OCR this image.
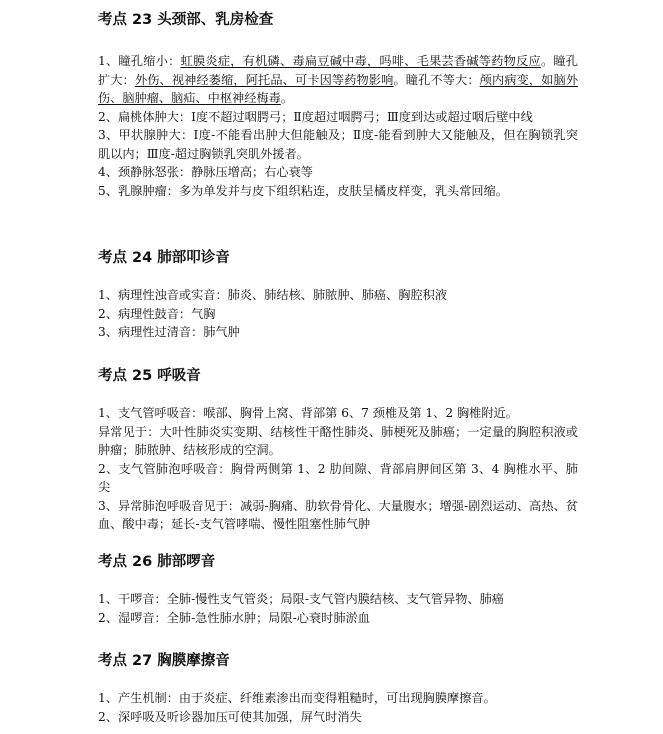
考点 23 头颈部、乳房检查

1、瞳孔缩小：虹膜炎症，有机磷、毒扁豆碱中毒，吗啡、毛果芸香碱等药物反应。瞳孔扩大：外伤、视神经萎缩，阿托品、可卡因等药物影响。瞳孔不等大：颅内病变，如脑外伤、脑肿瘤、脑疝、中枢神经梅毒。

2、扁桃体肿大：Ⅰ度不超过咽腭弓；Ⅱ度超过咽腭弓；Ⅲ度到达或超过咽后壁中线

3、甲状腺肿大：Ⅰ度-不能看出肿大但能触及；Ⅱ度-能看到肿大又能触及，但在胸锁乳突肌以内；Ⅲ度-超过胸锁乳突肌外援者。

4、颈静脉怒张：静脉压增高；右心衰等

5、乳腺肿瘤：多为单发并与皮下组织粘连，皮肤呈橘皮样变，乳头常回缩。

考点 24 肺部叩诊音

1、病理性浊音或实音：肺炎、肺结核、肺脓肿、肺癌、胸腔积液

2、病理性鼓音：气胸

3、病理性过清音：肺气肿

考点 25 呼吸音

1、支气管呼吸音：喉部、胸骨上窝、背部第 6、7 颈椎及第 1、2 胸椎附近。

异常见于：大叶性肺炎实变期、结核性干酪性肺炎、肺梗死及肺癌；一定量的胸腔积液或肿瘤；肺脓肿、结核形成的空洞。

2、支气管肺泡呼吸音：胸骨两侧第 1、2 肋间隙、背部肩胛间区第 3、4 胸椎水平、肺尖

3、异常肺泡呼吸音见于：减弱-胸痛、肋软骨骨化、大量腹水；增强-剧烈运动、高热、贫血、酸中毒；延长-支气管哮喘、慢性阻塞性肺气肿

考点 26 肺部啰音

1、干啰音：全肺-慢性支气管炎；局限-支气管内膜结核、支气管异物、肺癌

2、湿啰音：全肺-急性肺水肿；局限-心衰时肺淤血

考点 27 胸膜摩擦音

1、产生机制：由于炎症、纤维素渗出而变得粗糙时，可出现胸膜摩擦音。

2、深呼吸及听诊器加压可使其加强，屏气时消失
